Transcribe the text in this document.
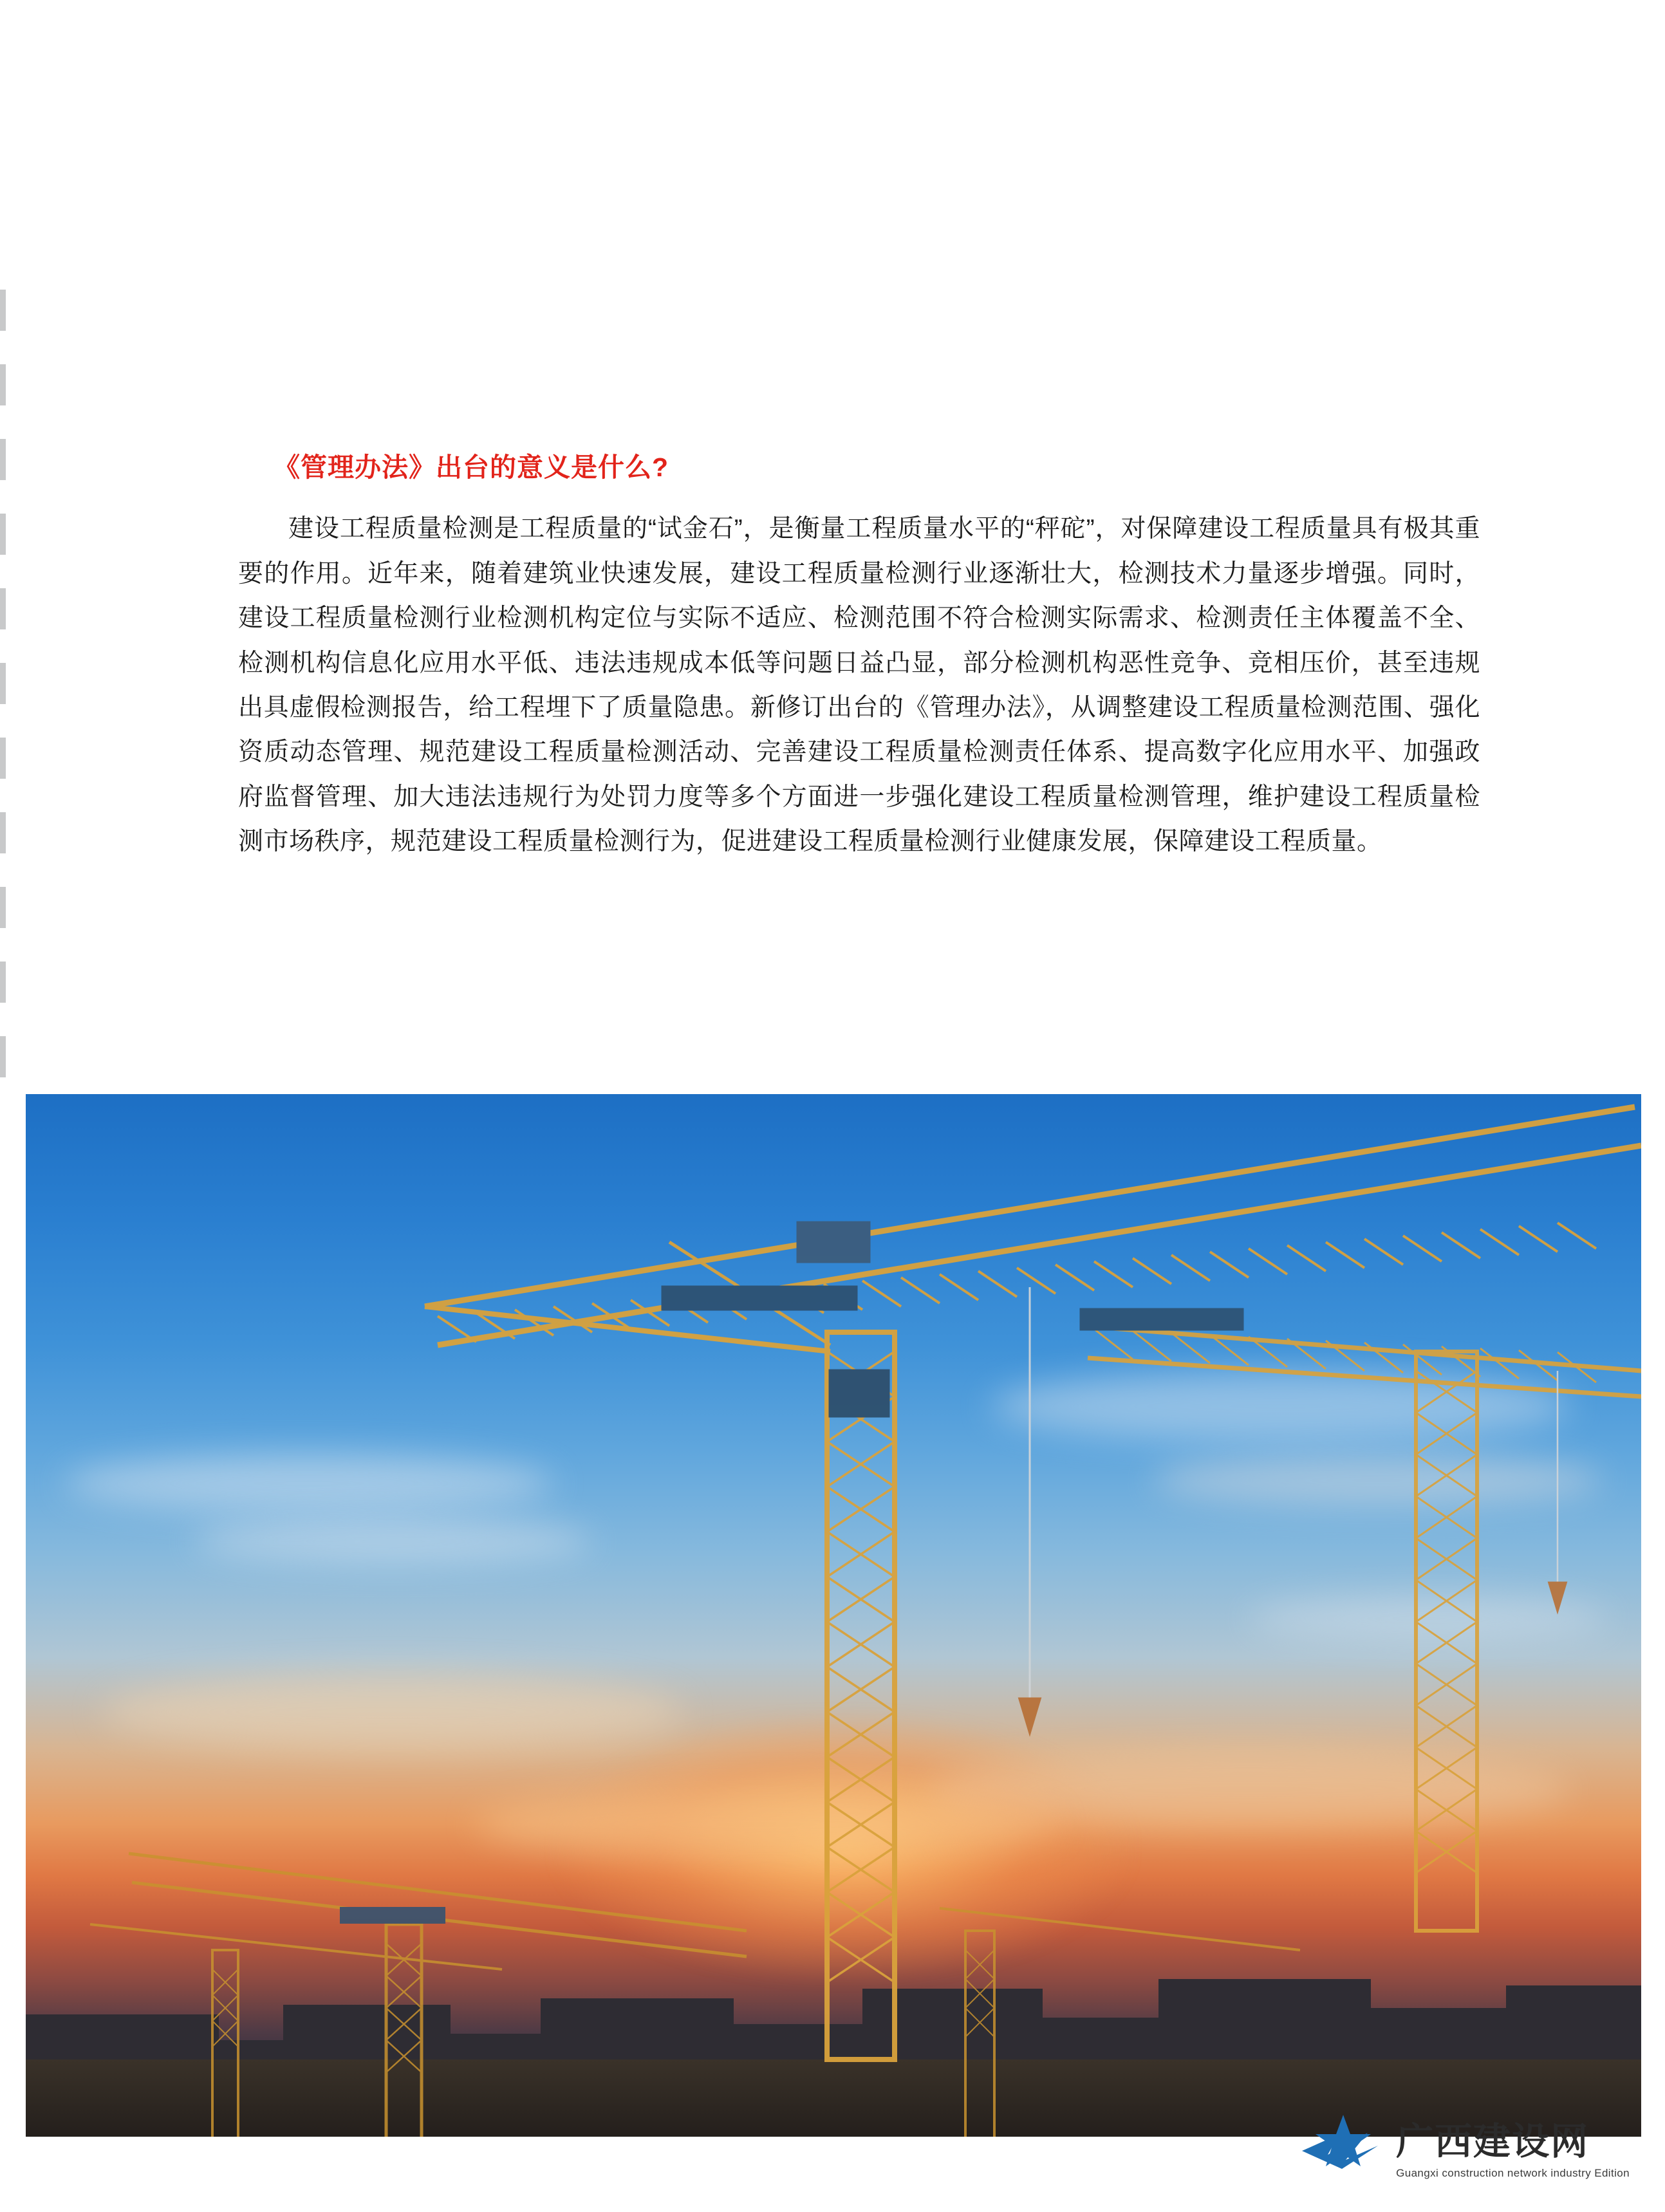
《管理办法》出台的意义是什么?

建设工程质量检测是工程质量的“试金石”，是衡量工程质量水平的“秤砣”，对保障建设工程质量具有极其重要的作用。近年来，随着建筑业快速发展，建设工程质量检测行业逐渐壮大，检测技术力量逐步增强。同时，建设工程质量检测行业检测机构定位与实际不适应、检测范围不符合检测实际需求、检测责任主体覆盖不全、检测机构信息化应用水平低、违法违规成本低等问题日益凸显，部分检测机构恶性竞争、竞相压价，甚至违规出具虚假检测报告，给工程埋下了质量隐患。新修订出台的《管理办法》，从调整建设工程质量检测范围、强化资质动态管理、规范建设工程质量检测活动、完善建设工程质量检测责任体系、提高数字化应用水平、加强政府监督管理、加大违法违规行为处罚力度等多个方面进一步强化建设工程质量检测管理，维护建设工程质量检测市场秩序，规范建设工程质量检测行为，促进建设工程质量检测行业健康发展，保障建设工程质量。

广西建设网
Guangxi construction network industry Edition
